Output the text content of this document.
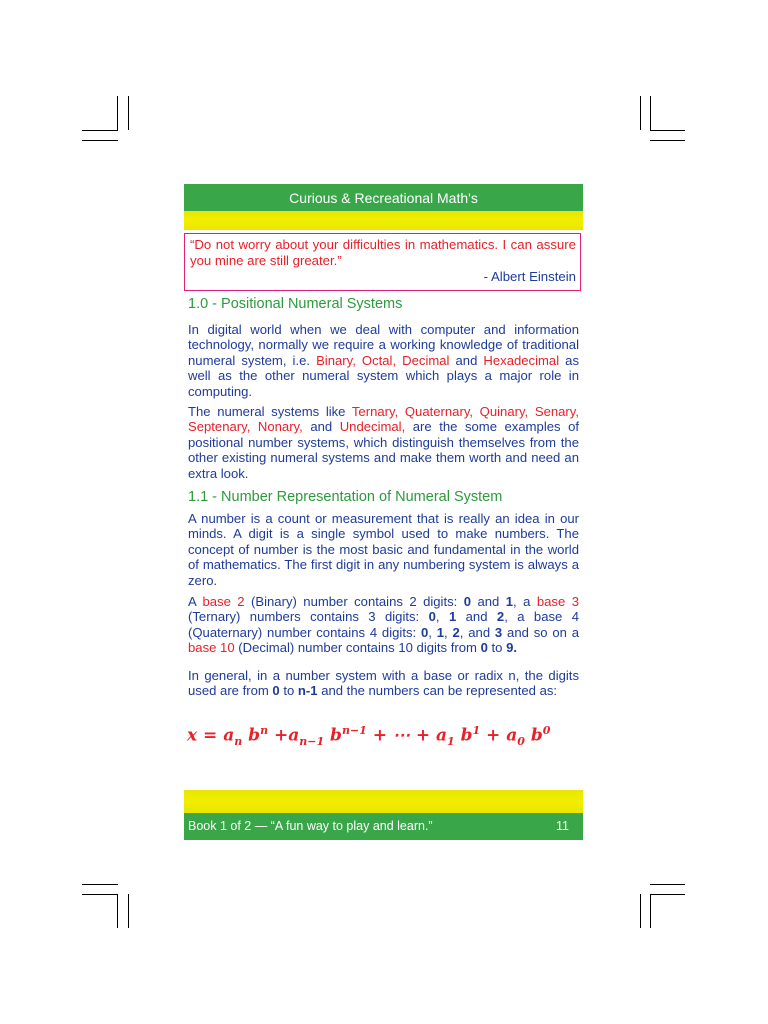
Curious & Recreational Math's
“Do not worry about your difficulties in mathematics. I can assure you mine are still greater.”
- Albert Einstein
1.0 - Positional Numeral Systems
In digital world when we deal with computer and information technology, normally we require a working knowledge of traditional numeral system, i.e. Binary, Octal, Decimal and Hexadecimal as well as the other numeral system which plays a major role in computing.
The numeral systems like Ternary, Quaternary, Quinary, Senary, Septenary, Nonary, and Undecimal, are the some examples of positional number systems, which distinguish themselves from the other existing numeral systems and make them worth and need an extra look.
1.1 - Number Representation of Numeral System
A number is a count or measurement that is really an idea in our minds. A digit is a single symbol used to make numbers. The concept of number is the most basic and fundamental in the world of mathematics. The first digit in any numbering system is always a zero.
A base 2 (Binary) number contains 2 digits: 0 and 1, a base 3 (Ternary) numbers contains 3 digits: 0, 1 and 2, a base 4 (Quaternary) number contains 4 digits: 0, 1, 2, and 3 and so on a base 10 (Decimal) number contains 10 digits from 0 to 9.
In general, in a number system with a base or radix n, the digits used are from 0 to n-1 and the numbers can be represented as:
$x = a_n$ $b^n +a_{n-1}$ $b^{n-1}$ + ⋯ + $a_1$ $b^1 + a_0$ $b^0$
Book 1 of 2 — “A fun way to play and learn.”	11
